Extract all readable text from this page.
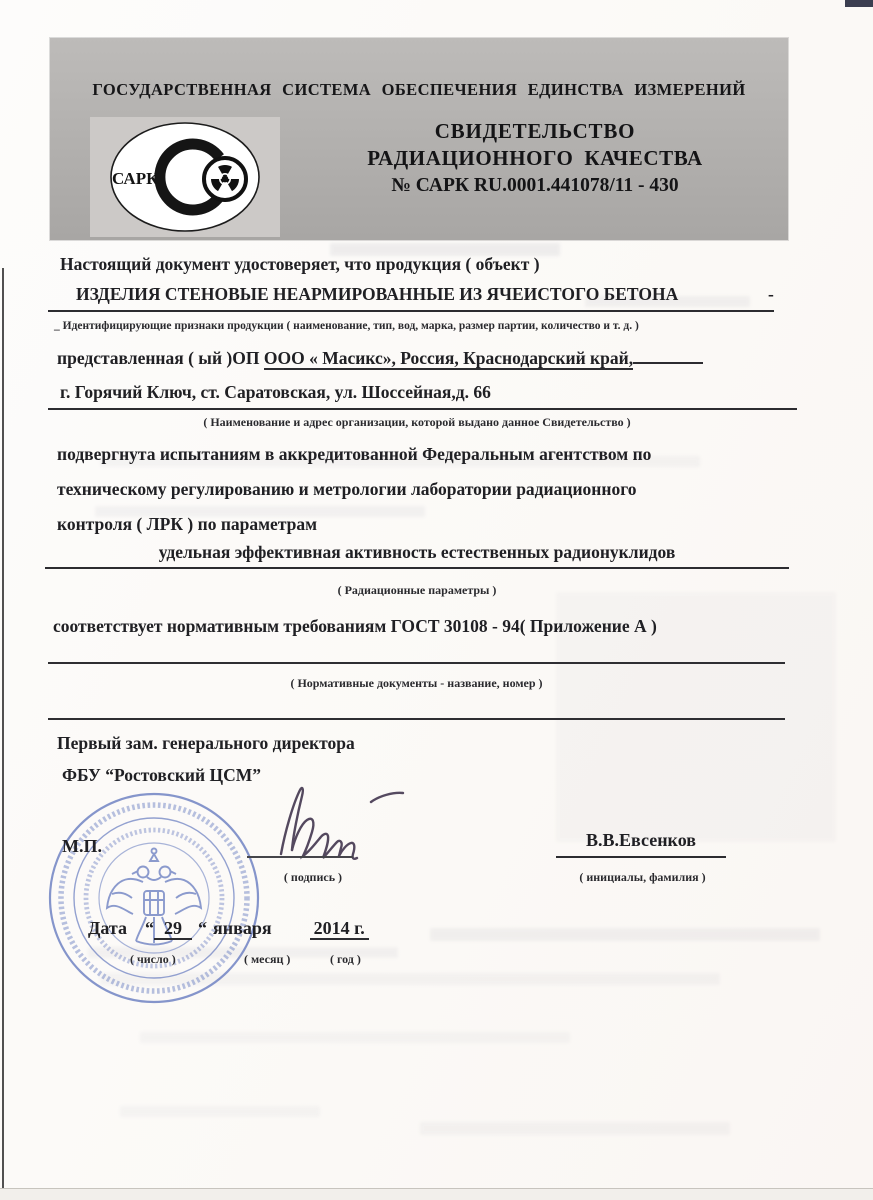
ГОСУДАРСТВЕННАЯ СИСТЕМА ОБЕСПЕЧЕНИЯ ЕДИНСТВА ИЗМЕРЕНИЙ
САРК
СВИДЕТЕЛЬСТВО
РАДИАЦИОННОГО КАЧЕСТВА
№ САРК RU.0001.441078/11 - 430
Настоящий документ удостоверяет, что продукция ( объект )
ИЗДЕЛИЯ СТЕНОВЫЕ НЕАРМИРОВАННЫЕ ИЗ ЯЧЕИСТОГО БЕТОНА	-
_ Идентифицирующие признаки продукции ( наименование, тип, вод, марка, размер партии, количество и т. д. )
представленная ( ый )ОП ООО « Масикс», Россия, Краснодарский край,
г. Горячий Ключ, ст. Саратовская, ул. Шоссейная,д. 66
( Наименование и адрес организации, которой выдано данное Свидетельство )
подвергнута испытаниям в аккредитованной Федеральным агентством по
техническому регулированию и метрологии лаборатории радиационного
контроля ( ЛРК ) по параметрам
удельная эффективная активность естественных радионуклидов
( Радиационные параметры )
соответствует нормативным требованиям ГОСТ 30108 - 94( Приложение А )
( Нормативные документы - название, номер )
Первый зам. генерального директора
ФБУ “Ростовский ЦСМ”
М.П.
( подпись )
В.В.Евсенков
( инициалы, фамилия )
Дата “ 29 “ января 2014 г.
( число )	( месяц )	( год )
